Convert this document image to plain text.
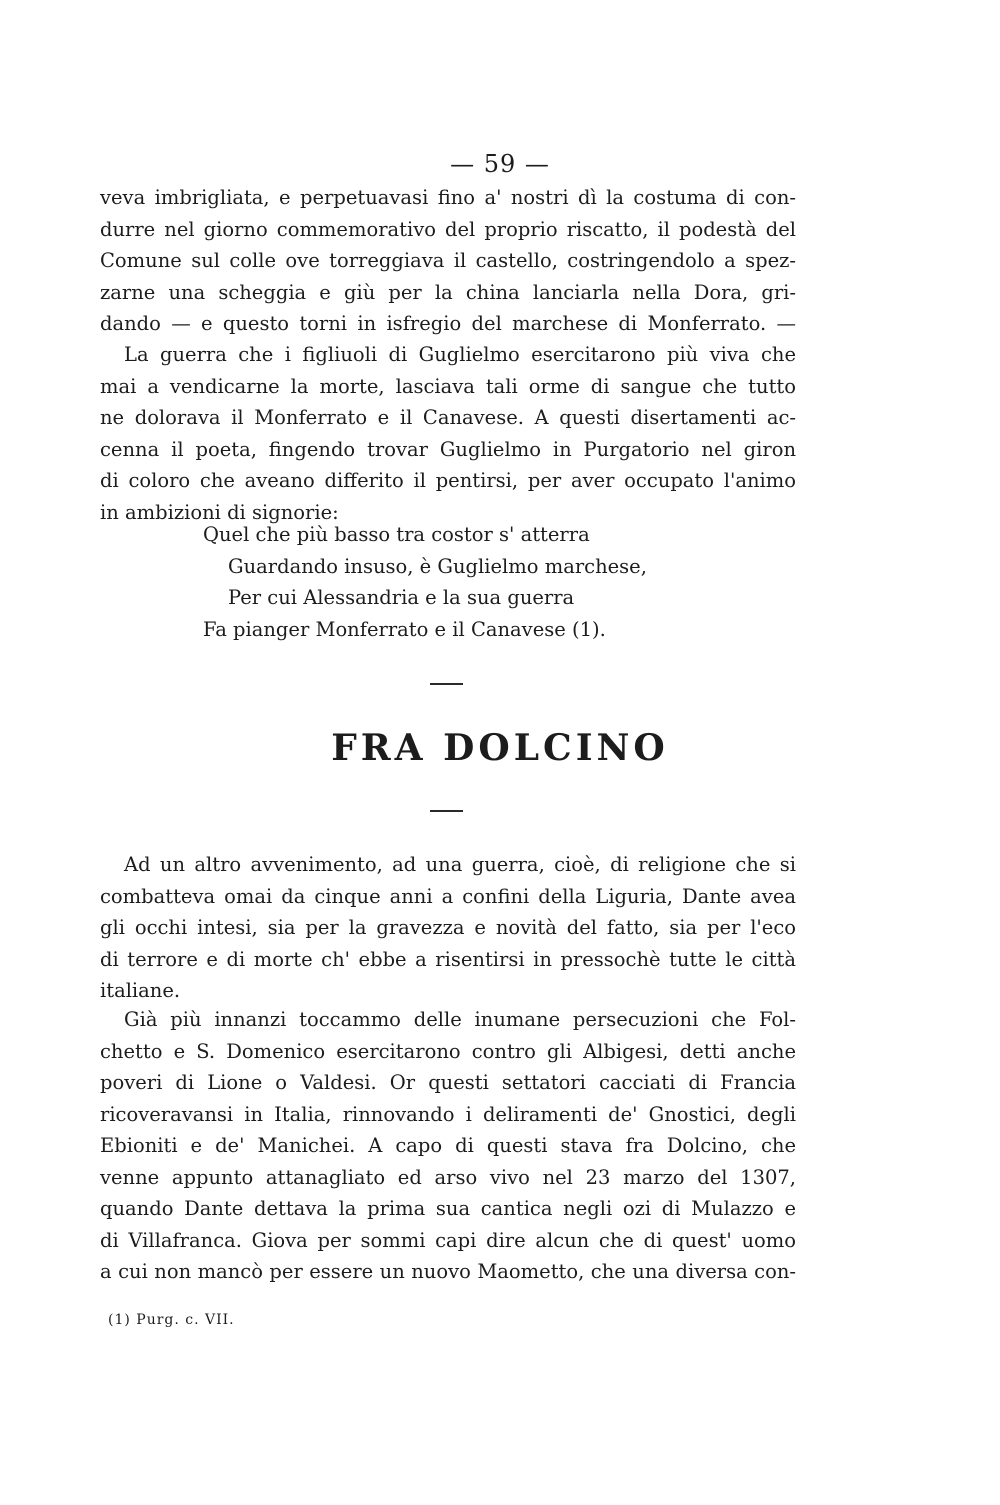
— 59 —
veva imbrigliata, e perpetuavasi fino a' nostri dì la costuma di con-
durre nel giorno commemorativo del proprio riscatto, il podestà del
Comune sul colle ove torreggiava il castello, costringendolo a spez-
zarne una scheggia e giù per la china lanciarla nella Dora, gri-
dando — e questo torni in isfregio del marchese di Monferrato. —
La guerra che i figliuoli di Guglielmo esercitarono più viva che
mai a vendicarne la morte, lasciava tali orme di sangue che tutto
ne dolorava il Monferrato e il Canavese. A questi disertamenti ac-
cenna il poeta, fingendo trovar Guglielmo in Purgatorio nel giron
di coloro che aveano differito il pentirsi, per aver occupato l'animo
in ambizioni di signorie:
Quel che più basso tra costor s' atterra
Guardando insuso, è Guglielmo marchese,
Per cui Alessandria e la sua guerra
Fa pianger Monferrato e il Canavese (1).
FRA DOLCINO
Ad un altro avvenimento, ad una guerra, cioè, di religione che si
combatteva omai da cinque anni a confini della Liguria, Dante avea
gli occhi intesi, sia per la gravezza e novità del fatto, sia per l'eco
di terrore e di morte ch' ebbe a risentirsi in pressochè tutte le città
italiane.
Già più innanzi toccammo delle inumane persecuzioni che Fol-
chetto e S. Domenico esercitarono contro gli Albigesi, detti anche
poveri di Lione o Valdesi. Or questi settatori cacciati di Francia
ricoveravansi in Italia, rinnovando i deliramenti de' Gnostici, degli
Ebioniti e de' Manichei. A capo di questi stava fra Dolcino, che
venne appunto attanagliato ed arso vivo nel 23 marzo del 1307,
quando Dante dettava la prima sua cantica negli ozi di Mulazzo e
di Villafranca. Giova per sommi capi dire alcun che di quest' uomo
a cui non mancò per essere un nuovo Maometto, che una diversa con-
(1) Purg. c. VII.
